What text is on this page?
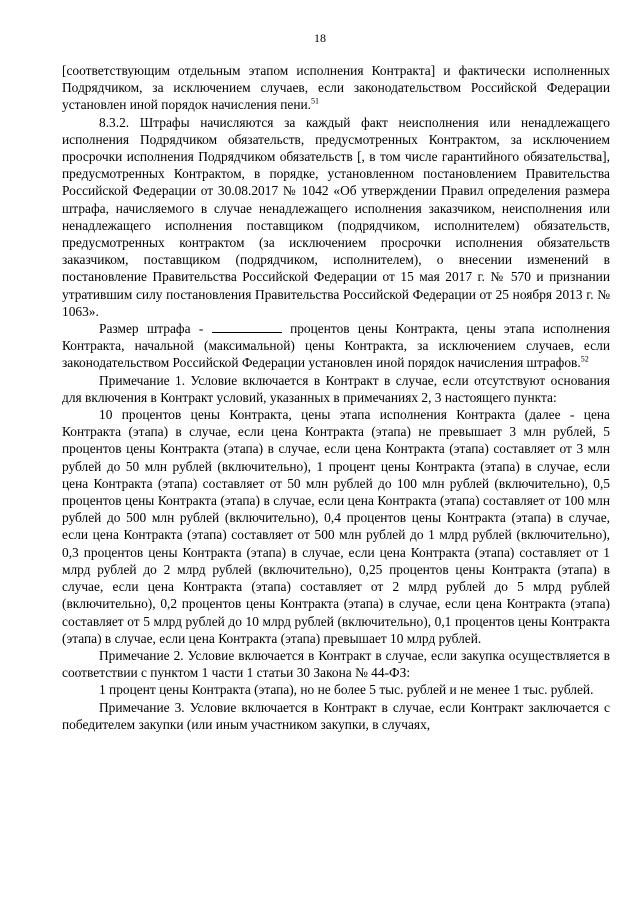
18

[соответствующим отдельным этапом исполнения Контракта] и фактически исполненных Подрядчиком, за исключением случаев, если законодательством Российской Федерации установлен иной порядок начисления пени.$^{51}$

8.3.2. Штрафы начисляются за каждый факт неисполнения или ненадлежащего исполнения Подрядчиком обязательств, предусмотренных Контрактом, за исключением просрочки исполнения Подрядчиком обязательств [, в том числе гарантийного обязательства], предусмотренных Контрактом, в порядке, установленном постановлением Правительства Российской Федерации от 30.08.2017 № 1042 «Об утверждении Правил определения размера штрафа, начисляемого в случае ненадлежащего исполнения заказчиком, неисполнения или ненадлежащего исполнения поставщиком (подрядчиком, исполнителем) обязательств, предусмотренных контрактом (за исключением просрочки исполнения обязательств заказчиком, поставщиком (подрядчиком, исполнителем), о внесении изменений в постановление Правительства Российской Федерации от 15 мая 2017 г. № 570 и признании утратившим силу постановления Правительства Российской Федерации от 25 ноября 2013 г. № 1063».

Размер штрафа -	процентов цены Контракта, цены этапа исполнения Контракта, начальной (максимальной) цены Контракта, за исключением случаев, если законодательством Российской Федерации установлен иной порядок начисления штрафов.$^{52}$

Примечание 1. Условие включается в Контракт в случае, если отсутствуют основания для включения в Контракт условий, указанных в примечаниях 2, 3 настоящего пункта:

10 процентов цены Контракта, цены этапа исполнения Контракта (далее - цена Контракта (этапа) в случае, если цена Контракта (этапа) не превышает 3 млн рублей, 5 процентов цены Контракта (этапа) в случае, если цена Контракта (этапа) составляет от 3 млн рублей до 50 млн рублей (включительно), 1 процент цены Контракта (этапа) в случае, если цена Контракта (этапа) составляет от 50 млн рублей до 100 млн рублей (включительно), 0,5 процентов цены Контракта (этапа) в случае, если цена Контракта (этапа) составляет от 100 млн рублей до 500 млн рублей (включительно), 0,4 процентов цены Контракта (этапа) в случае, если цена Контракта (этапа) составляет от 500 млн рублей до 1 млрд рублей (включительно), 0,3 процентов цены Контракта (этапа) в случае, если цена Контракта (этапа) составляет от 1 млрд рублей до 2 млрд рублей (включительно), 0,25 процентов цены Контракта (этапа) в случае, если цена Контракта (этапа) составляет от 2 млрд рублей до 5 млрд рублей (включительно), 0,2 процентов цены Контракта (этапа) в случае, если цена Контракта (этапа) составляет от 5 млрд рублей до 10 млрд рублей (включительно), 0,1 процентов цены Контракта (этапа) в случае, если цена Контракта (этапа) превышает 10 млрд рублей.

Примечание 2. Условие включается в Контракт в случае, если закупка осуществляется в соответствии с пунктом 1 части 1 статьи 30 Закона № 44-ФЗ:

1 процент цены Контракта (этапа), но не более 5 тыс. рублей и не менее 1 тыс. рублей.

Примечание 3. Условие включается в Контракт в случае, если Контракт заключается с победителем закупки (или иным участником закупки, в случаях,
